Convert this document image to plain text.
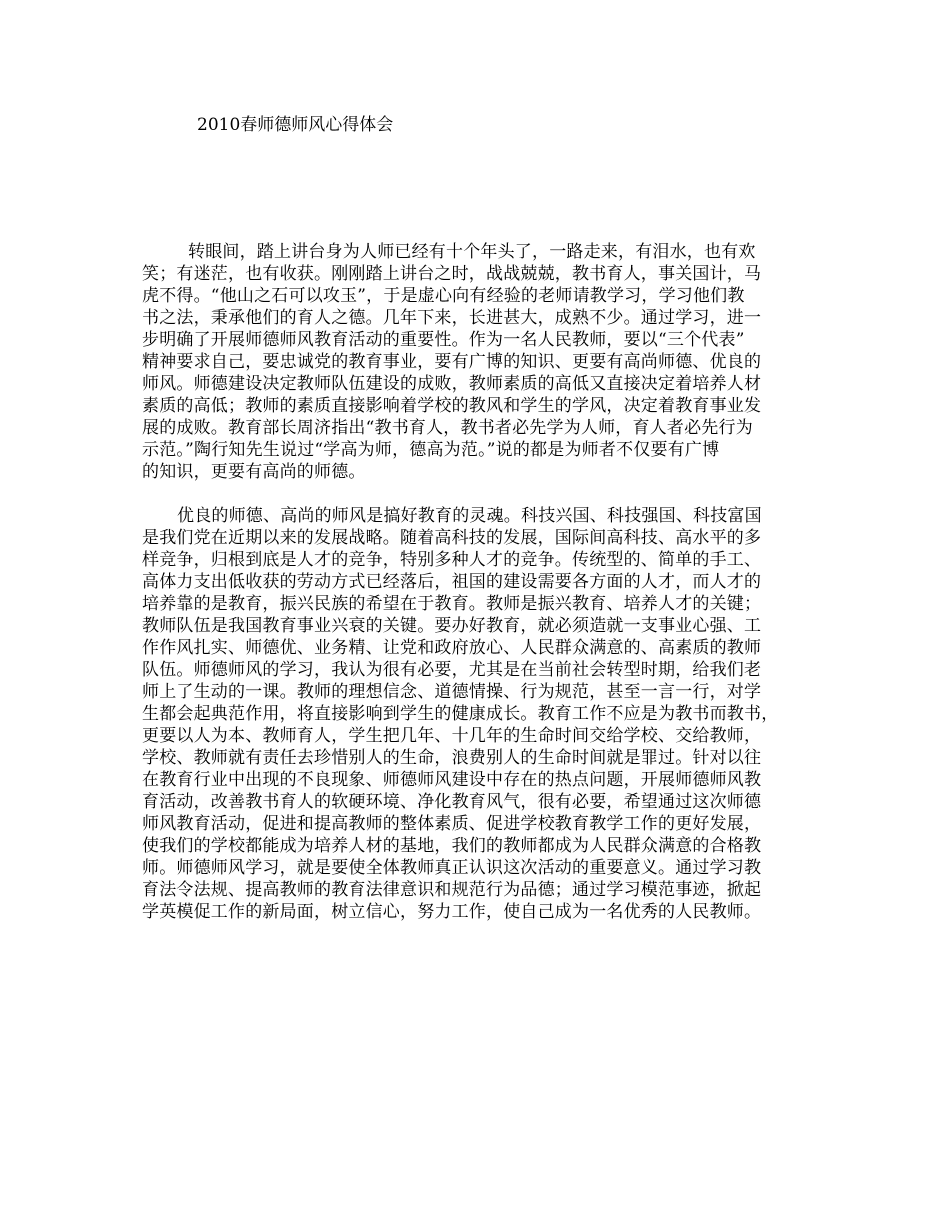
2010春师德师风心得体会

转眼间，踏上讲台身为人师已经有十个年头了，一路走来，有泪水，也有欢

笑；有迷茫，也有收获。刚刚踏上讲台之时，战战兢兢，教书育人，事关国计，马

虎不得。“他山之石可以攻玉”，于是虚心向有经验的老师请教学习，学习他们教

书之法，秉承他们的育人之德。几年下来，长进甚大，成熟不少。通过学习，进一

步明确了开展师德师风教育活动的重要性。作为一名人民教师，要以“三个代表”

精神要求自己，要忠诚党的教育事业，要有广博的知识、更要有高尚师德、优良的

师风。师德建设决定教师队伍建设的成败，教师素质的高低又直接决定着培养人材

素质的高低；教师的素质直接影响着学校的教风和学生的学风，决定着教育事业发

展的成败。教育部长周济指出“教书育人，教书者必先学为人师，育人者必先行为

示范。”陶行知先生说过“学高为师，德高为范。”说的都是为师者不仅要有广博

的知识，更要有高尚的师德。

优良的师德、高尚的师风是搞好教育的灵魂。科技兴国、科技强国、科技富国

是我们党在近期以来的发展战略。随着高科技的发展，国际间高科技、高水平的多

样竞争，归根到底是人才的竞争，特别多种人才的竞争。传统型的、简单的手工、

高体力支出低收获的劳动方式已经落后，祖国的建设需要各方面的人才，而人才的

培养靠的是教育，振兴民族的希望在于教育。教师是振兴教育、培养人才的关键；

教师队伍是我国教育事业兴衰的关键。要办好教育，就必须造就一支事业心强、工

作作风扎实、师德优、业务精、让党和政府放心、人民群众满意的、高素质的教师

队伍。师德师风的学习，我认为很有必要，尤其是在当前社会转型时期，给我们老

师上了生动的一课。教师的理想信念、道德情操、行为规范，甚至一言一行，对学

生都会起典范作用，将直接影响到学生的健康成长。教育工作不应是为教书而教书，

更要以人为本、教师育人，学生把几年、十几年的生命时间交给学校、交给教师，

学校、教师就有责任去珍惜别人的生命，浪费别人的生命时间就是罪过。针对以往

在教育行业中出现的不良现象、师德师风建设中存在的热点问题，开展师德师风教

育活动，改善教书育人的软硬环境、净化教育风气，很有必要，希望通过这次师德

师风教育活动，促进和提高教师的整体素质、促进学校教育教学工作的更好发展，

使我们的学校都能成为培养人材的基地，我们的教师都成为人民群众满意的合格教

师。师德师风学习，就是要使全体教师真正认识这次活动的重要意义。通过学习教

育法令法规、提高教师的教育法律意识和规范行为品德；通过学习模范事迹，掀起

学英模促工作的新局面，树立信心，努力工作，使自己成为一名优秀的人民教师。
